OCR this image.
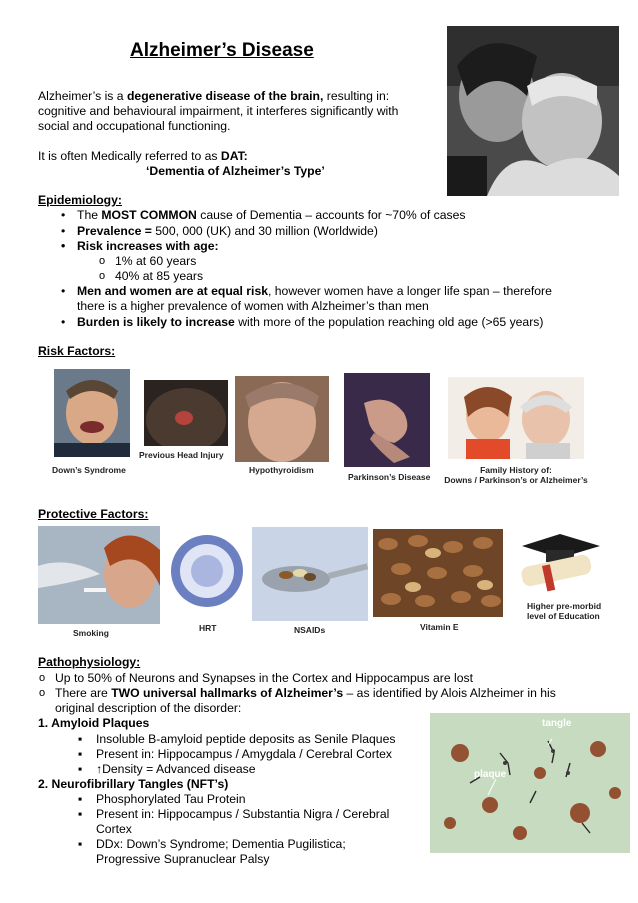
Alzheimer’s Disease
Alzheimer’s is a degenerative disease of the brain, resulting in:
cognitive and behavioural impairment, it interferes significantly with
social and occupational functioning.
It is often Medically referred to as DAT:
‘Dementia of Alzheimer’s Type’
Epidemiology:
• The MOST COMMON cause of Dementia – accounts for ~70% of cases
• Prevalence = 500, 000 (UK) and 30 million (Worldwide)
• Risk increases with age:
o 1% at 60 years
o 40% at 85 years
• Men and women are at equal risk, however women have a longer life span – therefore
there is a higher prevalence of women with Alzheimer’s than men
• Burden is likely to increase with more of the population reaching old age (>65 years)
Risk Factors:
Down’s Syndrome
Previous Head Injury
Hypothyroidism
Parkinson’s Disease
Family History of:
Downs / Parkinson’s or Alzheimer’s
Protective Factors:
Smoking	HRT	NSAIDs	Vitamin E
Higher pre-morbid
level of Education
Pathophysiology:
o Up to 50% of Neurons and Synapses in the Cortex and Hippocampus are lost
o There are TWO universal hallmarks of Alzheimer’s – as identified by Alois Alzheimer in his
original description of the disorder:
1. Amyloid Plaques
▪ Insoluble B-amyloid peptide deposits as Senile Plaques
▪ Present in: Hippocampus / Amygdala / Cerebral Cortex
▪ ↑Density = Advanced disease
2. Neurofibrillary Tangles (NFT’s)
▪ Phosphorylated Tau Protein
▪ Present in: Hippocampus / Substantia Nigra / Cerebral
Cortex
▪ DDx: Down’s Syndrome; Dementia Pugilistica;
Progressive Supranuclear Palsy
tangle
plaque
